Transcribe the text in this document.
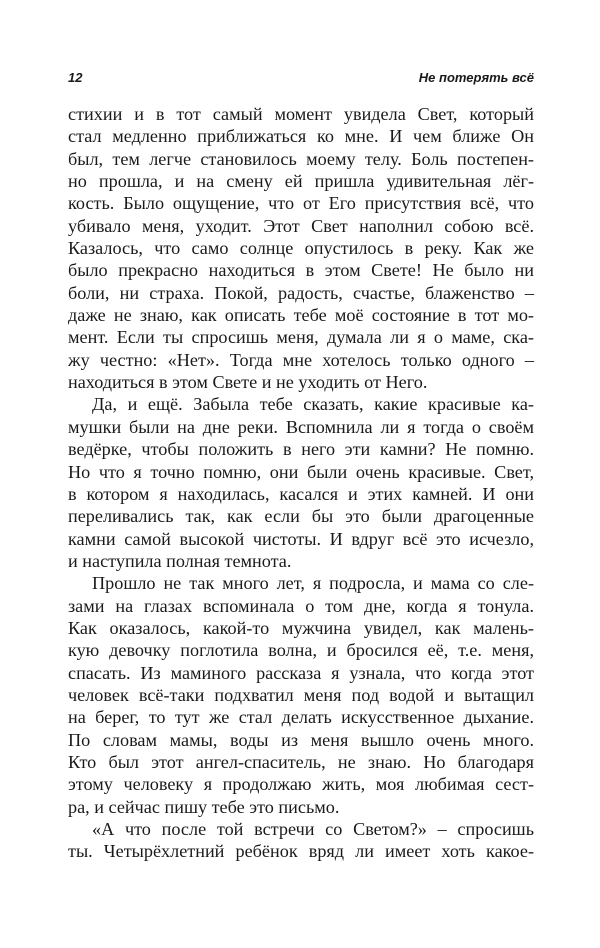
12	Не потерять всё
стихии и в тот самый момент увидела Свет, который
стал медленно приближаться ко мне. И чем ближе Он
был, тем легче становилось моему телу. Боль постепен-
но прошла, и на смену ей пришла удивительная лёг-
кость. Было ощущение, что от Его присутствия всё, что
убивало меня, уходит. Этот Свет наполнил собою всё.
Казалось, что само солнце опустилось в реку. Как же
было прекрасно находиться в этом Свете! Не было ни
боли, ни страха. Покой, радость, счастье, блаженство –
даже не знаю, как описать тебе моё состояние в тот мо-
мент. Если ты спросишь меня, думала ли я о маме, ска-
жу честно: «Нет». Тогда мне хотелось только одного –
находиться в этом Свете и не уходить от Него.
Да, и ещё. Забыла тебе сказать, какие красивые ка-
мушки были на дне реки. Вспомнила ли я тогда о своём
ведёрке, чтобы положить в него эти камни? Не помню.
Но что я точно помню, они были очень красивые. Свет,
в котором я находилась, касался и этих камней. И они
переливались так, как если бы это были драгоценные
камни самой высокой чистоты. И вдруг всё это исчезло,
и наступила полная темнота.
Прошло не так много лет, я подросла, и мама со сле-
зами на глазах вспоминала о том дне, когда я тонула.
Как оказалось, какой-то мужчина увидел, как малень-
кую девочку поглотила волна, и бросился её, т.е. меня,
спасать. Из маминого рассказа я узнала, что когда этот
человек всё-таки подхватил меня под водой и вытащил
на берег, то тут же стал делать искусственное дыхание.
По словам мамы, воды из меня вышло очень много.
Кто был этот ангел-спаситель, не знаю. Но благодаря
этому человеку я продолжаю жить, моя любимая сест-
ра, и сейчас пишу тебе это письмо.
«А что после той встречи со Светом?» – спросишь
ты. Четырёхлетний ребёнок вряд ли имеет хоть какое-
